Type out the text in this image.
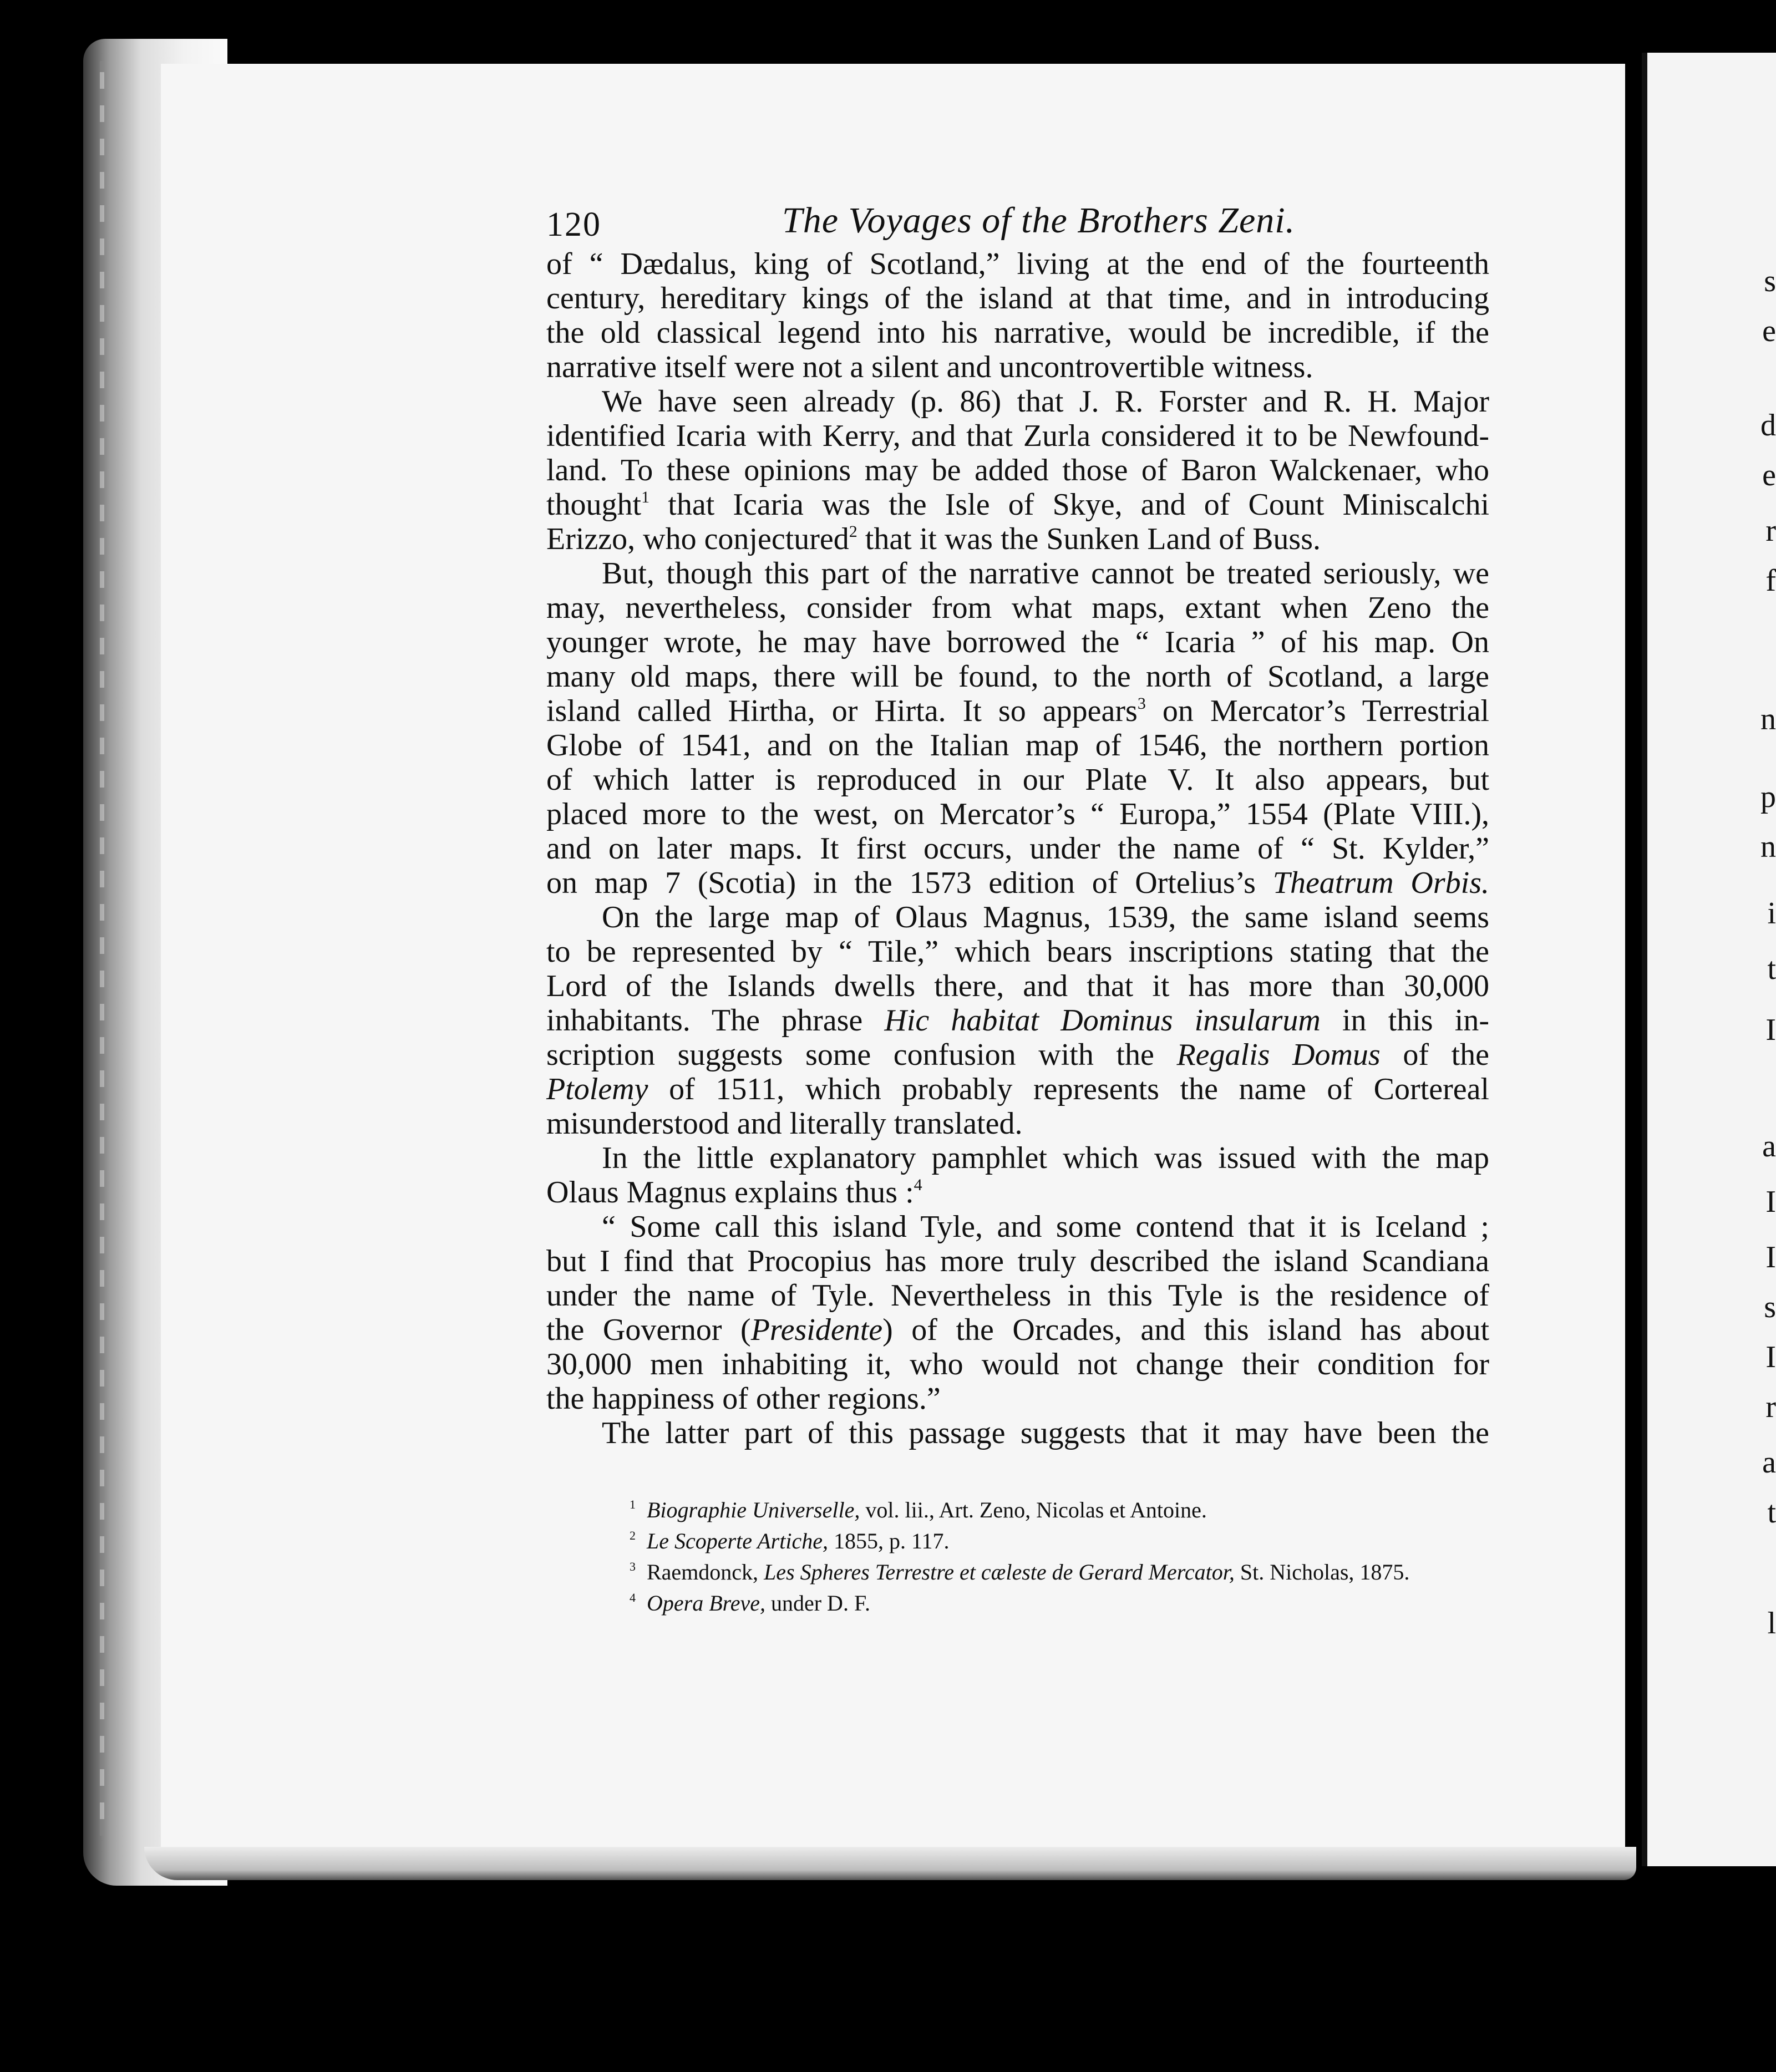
s
e
d
e
r
f
n
p
n
i
t
I
a
I
I
s
I
r
a
t
l
120	The Voyages of the Brothers Zeni.
of “ Dædalus, king of Scotland,” living at the end of the fourteenth
century, hereditary kings of the island at that time, and in introducing
the old classical legend into his narrative, would be incredible, if the
narrative itself were not a silent and uncontrovertible witness.
We have seen already (p. 86) that J. R. Forster and R. H. Major
identified Icaria with Kerry, and that Zurla considered it to be Newfound-
land. To these opinions may be added those of Baron Walckenaer, who
thought$^1$ that Icaria was the Isle of Skye, and of Count Miniscalchi
Erizzo, who conjectured$^2$ that it was the Sunken Land of Buss.
But, though this part of the narrative cannot be treated seriously, we
may, nevertheless, consider from what maps, extant when Zeno the
younger wrote, he may have borrowed the “ Icaria ” of his map. On
many old maps, there will be found, to the north of Scotland, a large
island called Hirtha, or Hirta. It so appears$^3$ on Mercator’s Terrestrial
Globe of 1541, and on the Italian map of 1546, the northern portion
of which latter is reproduced in our Plate V. It also appears, but
placed more to the west, on Mercator’s “ Europa,” 1554 (Plate VIII.),
and on later maps. It first occurs, under the name of “ St. Kylder,”
on map 7 (Scotia) in the 1573 edition of Ortelius’s Theatrum Orbis.
On the large map of Olaus Magnus, 1539, the same island seems
to be represented by “ Tile,” which bears inscriptions stating that the
Lord of the Islands dwells there, and that it has more than 30,000
inhabitants. The phrase Hic habitat Dominus insularum in this in-
scription suggests some confusion with the Regalis Domus of the
Ptolemy of 1511, which probably represents the name of Cortereal
misunderstood and literally translated.
In the little explanatory pamphlet which was issued with the map
Olaus Magnus explains thus :$^4$
“ Some call this island Tyle, and some contend that it is Iceland ;
but I find that Procopius has more truly described the island Scandiana
under the name of Tyle. Nevertheless in this Tyle is the residence of
the Governor (Presidente) of the Orcades, and this island has about
30,000 men inhabiting it, who would not change their condition for
the happiness of other regions.”
The latter part of this passage suggests that it may have been the
1 Biographie Universelle, vol. lii., Art. Zeno, Nicolas et Antoine.
2 Le Scoperte Artiche, 1855, p. 117.
3 Raemdonck, Les Spheres Terrestre et cæleste de Gerard Mercator, St. Nicholas, 1875.
4 Opera Breve, under D. F.
